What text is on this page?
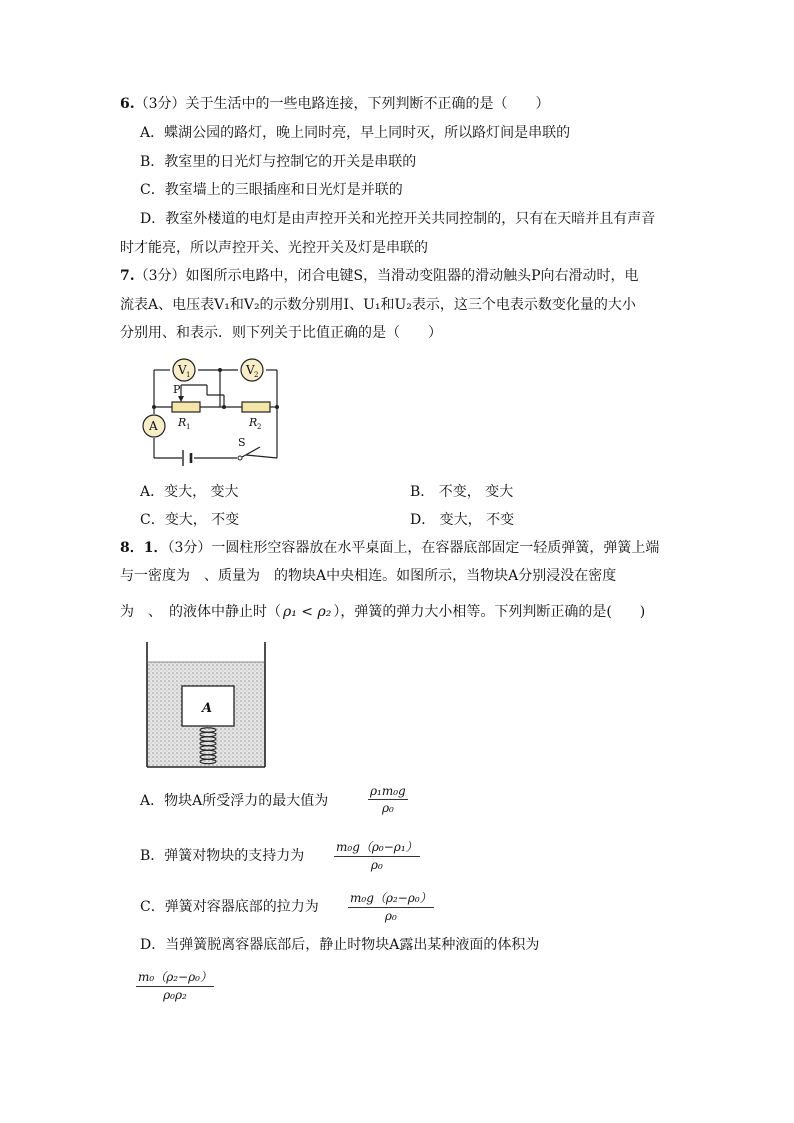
6.（3分）关于生活中的一些电路连接，下列判断不正确的是（　　）
A．蝶湖公园的路灯，晚上同时亮，早上同时灭，所以路灯间是串联的
B．教室里的日光灯与控制它的开关是串联的
C．教室墙上的三眼插座和日光灯是并联的
D．教室外楼道的电灯是由声控开关和光控开关共同控制的，只有在天暗并且有声音
时才能亮，所以声控开关、光控开关及灯是串联的
7.（3分）如图所示电路中，闭合电键S，当滑动变阻器的滑动触头P向右滑动时，电
流表A、电压表V₁和V₂的示数分别用I、U₁和U₂表示，这三个电表示数变化量的大小
分别用、和表示．则下列关于比值正确的是（　　）
V 1	V 2
A
P
R 1	R 2
S
A．变大， 变大	B． 不变， 变大
C．变大， 不变	D． 变大， 不变
8．1．（3分）一圆柱形空容器放在水平桌面上，在容器底部固定一轻质弹簧，弹簧上端
与一密度为　、质量为　的物块A中央相连。如图所示，当物块A分别浸没在密度
为　、　的液体中静止时（ ρ₁ < ρ₂ ），弹簧的弹力大小相等。下列判断正确的是(　　)
A
A．物块A所受浮力的最大值为	$\frac{\text{ρ₁m₀g}}{\text{ρ₀}}$
B．弹簧对物块的支持力为 $\frac{\text{m₀g（ρ₀−ρ₁）}}{\text{ρ₀}}$
C．弹簧对容器底部的拉力为 $\frac{\text{m₀g（ρ₂−ρ₀）}}{\text{ρ₀}}$
D．当弹簧脱离容器底部后，静止时物块A露出某种液面的体积为
$\frac{\text{m₀（ρ₂−ρ₀）}}{\text{ρ₀ρ₂}}$
